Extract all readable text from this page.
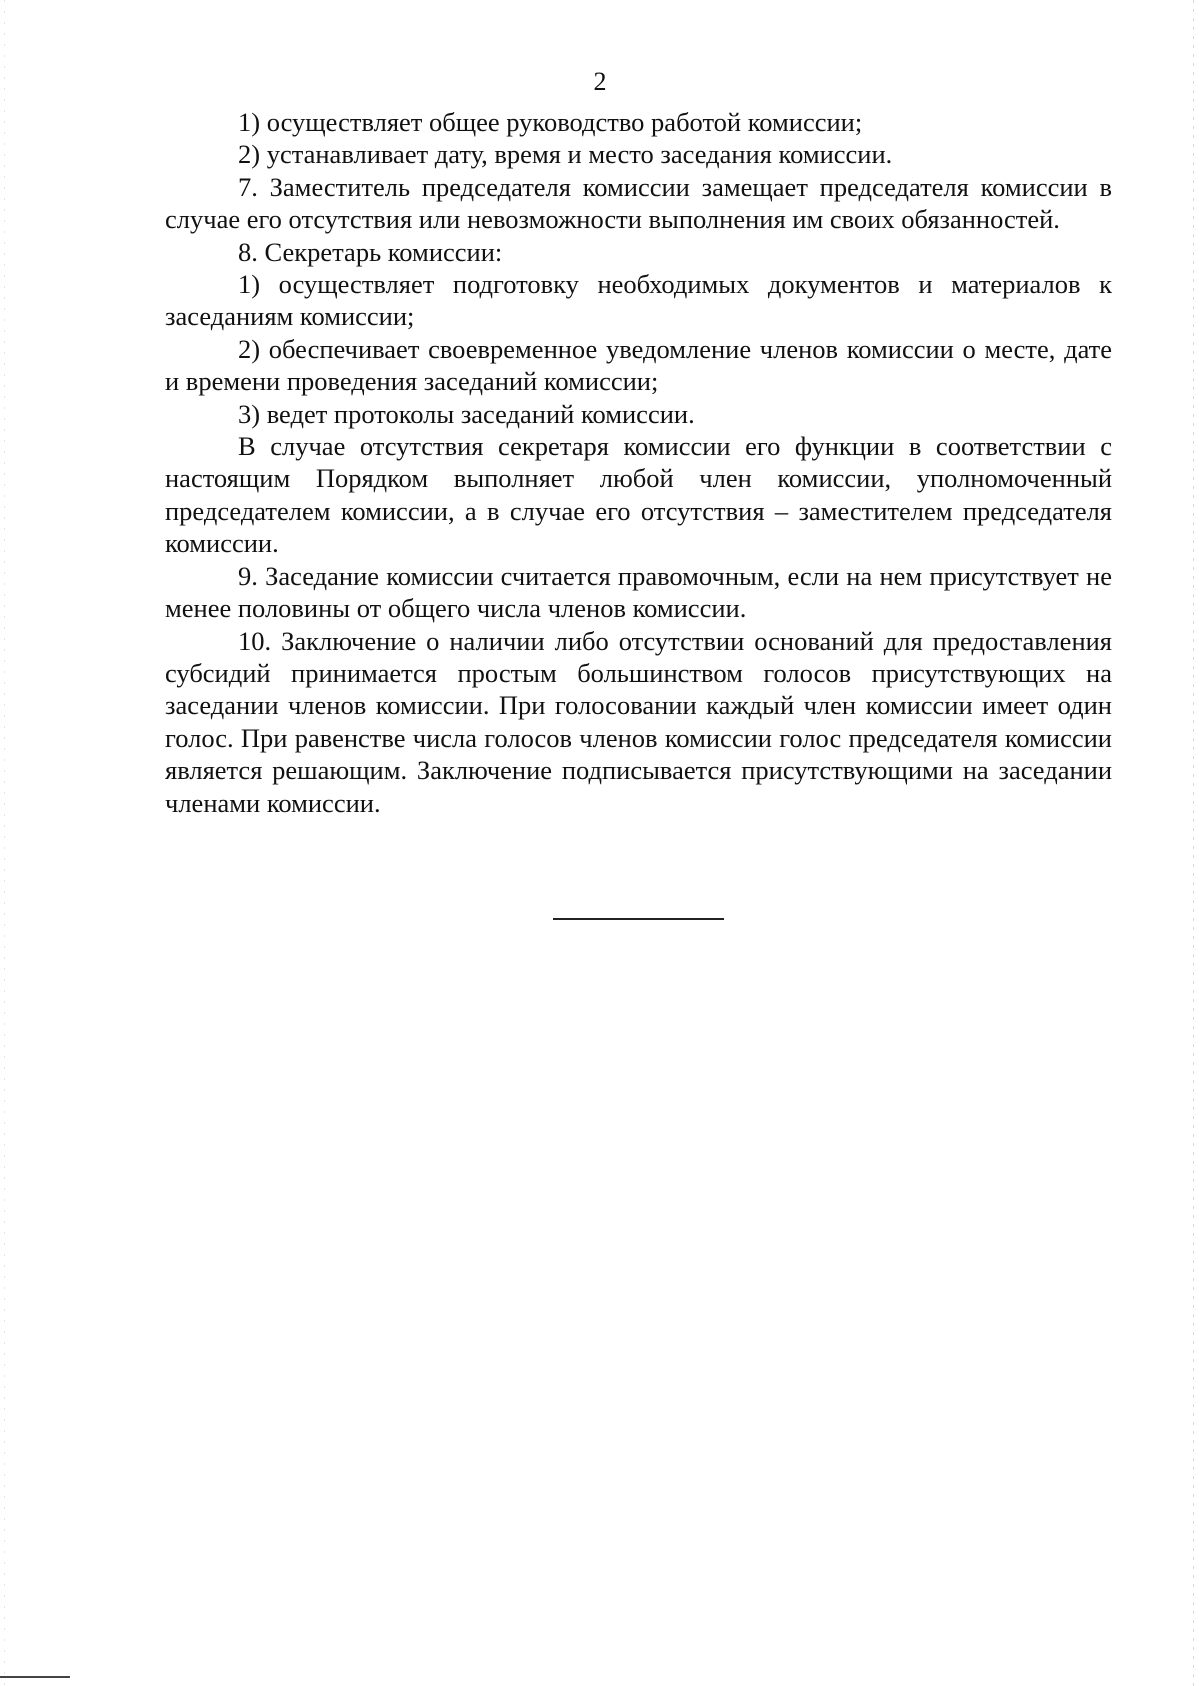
2

1) осуществляет общее руководство работой комиссии;

2) устанавливает дату, время и место заседания комиссии.

7. Заместитель председателя комиссии замещает председателя комиссии в случае его отсутствия или невозможности выполнения им своих обязанностей.

8. Секретарь комиссии:

1) осуществляет подготовку необходимых документов и материалов к заседаниям комиссии;

2) обеспечивает своевременное уведомление членов комиссии о месте, дате и времени проведения заседаний комиссии;

3) ведет протоколы заседаний комиссии.

В случае отсутствия секретаря комиссии его функции в соответствии с настоящим Порядком выполняет любой член комиссии, уполномоченный председателем комиссии, а в случае его отсутствия – заместителем председателя комиссии.

9. Заседание комиссии считается правомочным, если на нем присутствует не менее половины от общего числа членов комиссии.

10. Заключение о наличии либо отсутствии оснований для предоставления субсидий принимается простым большинством голосов присутствующих на заседании членов комиссии. При голосовании каждый член комиссии имеет один голос. При равенстве числа голосов членов комиссии голос председателя комиссии является решающим. Заключение подписывается присутствующими на заседании членами комиссии.
